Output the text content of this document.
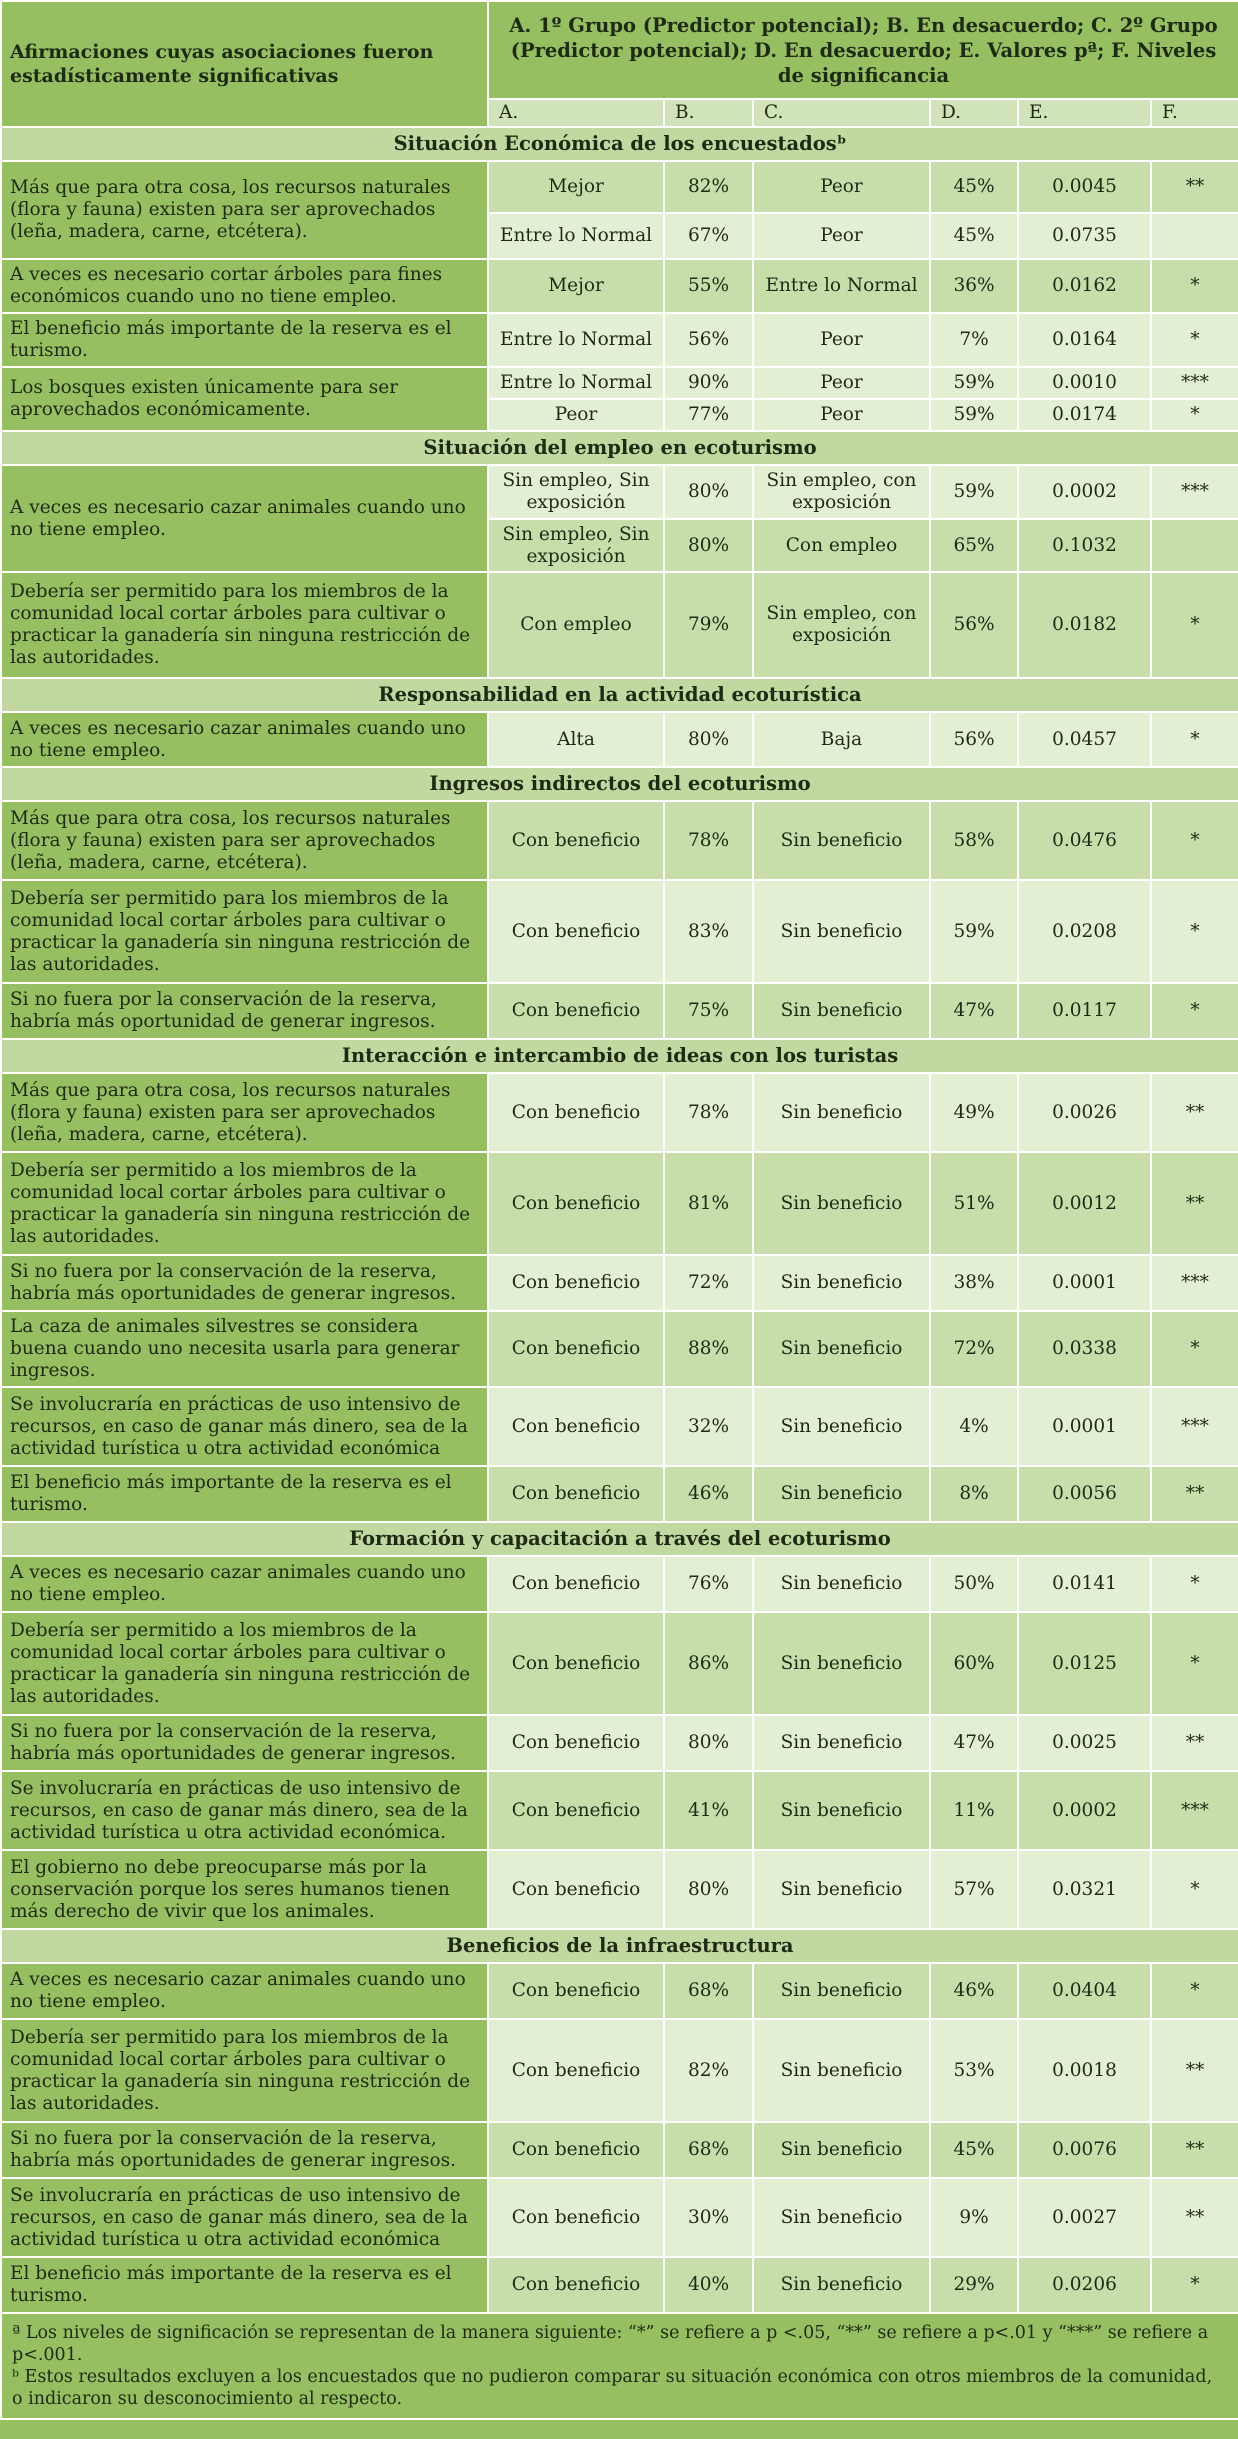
Afirmaciones cuyas asociaciones fueron estadísticamente significativas	A. 1º Grupo (Predictor potencial); B. En desacuerdo; C. 2º Grupo (Predictor potencial); D. En desacuerdo; E. Valores pª; F. Niveles de significancia					
	A.	B.	C.	D.	E.	F.
Situación Económica de los encuestadosᵇ						
Más que para otra cosa, los recursos naturales (flora y fauna) existen para ser aprovechados (leña, madera, carne, etcétera).	Mejor	82%	Peor	45%	0.0045	**
	Entre lo Normal	67%	Peor	45%	0.0735	
A veces es necesario cortar árboles para fines económicos cuando uno no tiene empleo.	Mejor	55%	Entre lo Normal	36%	0.0162	*
El beneficio más importante de la reserva es el turismo.	Entre lo Normal	56%	Peor	7%	0.0164	*
Los bosques existen únicamente para ser aprovechados económicamente.	Entre lo Normal	90%	Peor	59%	0.0010	***
	Peor	77%	Peor	59%	0.0174	*
Situación del empleo en ecoturismo						
A veces es necesario cazar animales cuando uno no tiene empleo.	Sin empleo, Sin exposición	80%	Sin empleo, con exposición	59%	0.0002	***
	Sin empleo, Sin exposición	80%	Con empleo	65%	0.1032	
Debería ser permitido para los miembros de la comunidad local cortar árboles para cultivar o practicar la ganadería sin ninguna restricción de las autoridades.	Con empleo	79%	Sin empleo, con exposición	56%	0.0182	*
Responsabilidad en la actividad ecoturística						
A veces es necesario cazar animales cuando uno no tiene empleo.	Alta	80%	Baja	56%	0.0457	*
Ingresos indirectos del ecoturismo						
Más que para otra cosa, los recursos naturales (flora y fauna) existen para ser aprovechados (leña, madera, carne, etcétera).	Con beneficio	78%	Sin beneficio	58%	0.0476	*
Debería ser permitido para los miembros de la comunidad local cortar árboles para cultivar o practicar la ganadería sin ninguna restricción de las autoridades.	Con beneficio	83%	Sin beneficio	59%	0.0208	*
Si no fuera por la conservación de la reserva, habría más oportunidad de generar ingresos.	Con beneficio	75%	Sin beneficio	47%	0.0117	*
Interacción e intercambio de ideas con los turistas						
Más que para otra cosa, los recursos naturales (flora y fauna) existen para ser aprovechados (leña, madera, carne, etcétera).	Con beneficio	78%	Sin beneficio	49%	0.0026	**
Debería ser permitido a los miembros de la comunidad local cortar árboles para cultivar o practicar la ganadería sin ninguna restricción de las autoridades.	Con beneficio	81%	Sin beneficio	51%	0.0012	**
Si no fuera por la conservación de la reserva, habría más oportunidades de generar ingresos.	Con beneficio	72%	Sin beneficio	38%	0.0001	***
La caza de animales silvestres se considera buena cuando uno necesita usarla para generar ingresos.	Con beneficio	88%	Sin beneficio	72%	0.0338	*
Se involucraría en prácticas de uso intensivo de recursos, en caso de ganar más dinero, sea de la actividad turística u otra actividad económica	Con beneficio	32%	Sin beneficio	4%	0.0001	***
El beneficio más importante de la reserva es el turismo.	Con beneficio	46%	Sin beneficio	8%	0.0056	**
Formación y capacitación a través del ecoturismo						
A veces es necesario cazar animales cuando uno no tiene empleo.	Con beneficio	76%	Sin beneficio	50%	0.0141	*
Debería ser permitido a los miembros de la comunidad local cortar árboles para cultivar o practicar la ganadería sin ninguna restricción de las autoridades.	Con beneficio	86%	Sin beneficio	60%	0.0125	*
Si no fuera por la conservación de la reserva, habría más oportunidades de generar ingresos.	Con beneficio	80%	Sin beneficio	47%	0.0025	**
Se involucraría en prácticas de uso intensivo de recursos, en caso de ganar más dinero, sea de la actividad turística u otra actividad económica.	Con beneficio	41%	Sin beneficio	11%	0.0002	***
El gobierno no debe preocuparse más por la conservación porque los seres humanos tienen más derecho de vivir que los animales.	Con beneficio	80%	Sin beneficio	57%	0.0321	*
Beneficios de la infraestructura						
A veces es necesario cazar animales cuando uno no tiene empleo.	Con beneficio	68%	Sin beneficio	46%	0.0404	*
Debería ser permitido para los miembros de la comunidad local cortar árboles para cultivar o practicar la ganadería sin ninguna restricción de las autoridades.	Con beneficio	82%	Sin beneficio	53%	0.0018	**
Si no fuera por la conservación de la reserva, habría más oportunidades de generar ingresos.	Con beneficio	68%	Sin beneficio	45%	0.0076	**
Se involucraría en prácticas de uso intensivo de recursos, en caso de ganar más dinero, sea de la actividad turística u otra actividad económica	Con beneficio	30%	Sin beneficio	9%	0.0027	**
El beneficio más importante de la reserva es el turismo.	Con beneficio	40%	Sin beneficio	29%	0.0206	*

ª Los niveles de significación se representan de la manera siguiente: “*” se refiere a p <.05, “**” se refiere a p<.01 y “***” se refiere a p<.001.
ᵇ Estos resultados excluyen a los encuestados que no pudieron comparar su situación económica con otros miembros de la comunidad, o indicaron su desconocimiento al respecto.						
